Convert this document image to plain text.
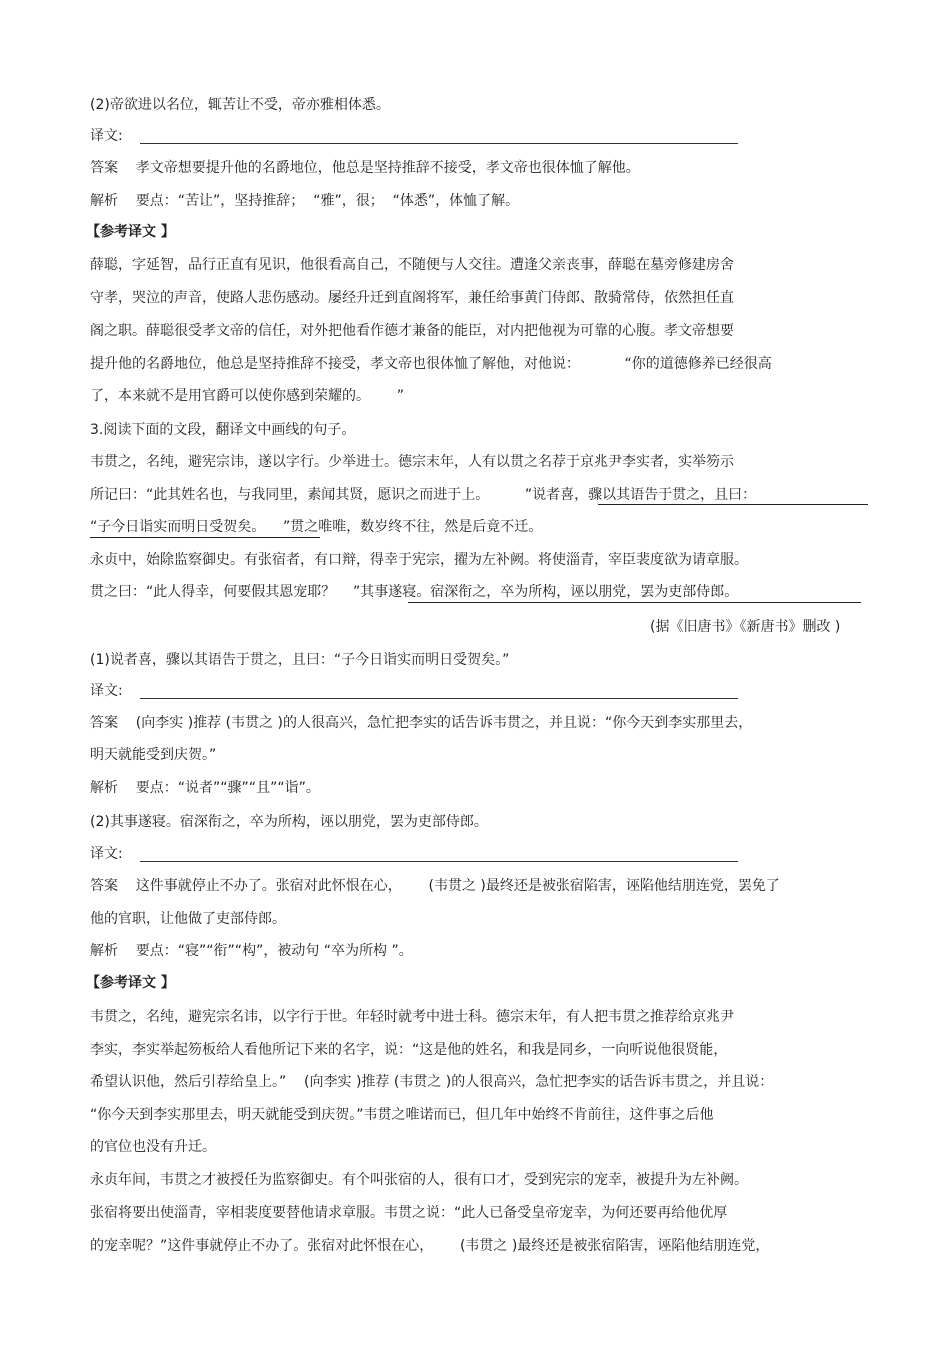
(2)帝欲进以名位，辄苦让不受，帝亦雅相体悉。
译文:
答案    孝文帝想要提升他的名爵地位，他总是坚持推辞不接受，孝文帝也很体恤了解他。
解析    要点：“苦让”，坚持推辞；  “雅”，很；  “体悉”，体恤了解。
【参考译文 】
薛聪，字延智，品行正直有见识，他很看高自己，不随便与人交往。遭逢父亲丧事，薛聪在墓旁修建房舍
守孝，哭泣的声音，使路人悲伤感动。屡经升迁到直阁将军，兼任给事黄门侍郎、散骑常侍，依然担任直
阁之职。薛聪很受孝文帝的信任，对外把他看作德才兼备的能臣，对内把他视为可靠的心腹。孝文帝想要
提升他的名爵地位，他总是坚持推辞不接受，孝文帝也很体恤了解他，对他说：          “你的道德修养已经很高
了，本来就不是用官爵可以使你感到荣耀的。      ”
3.阅读下面的文段，翻译文中画线的句子。
韦贯之，名纯，避宪宗讳，遂以字行。少举进士。德宗末年，人有以贯之名荐于京兆尹李实者，实举笏示
所记曰：“此其姓名也，与我同里，素闻其贤，愿识之而进于上。        ”说者喜，骤以其语告于贯之，且曰：
“子今日诣实而明日受贺矣。    ”贯之唯唯，数岁终不往，然是后竟不迁。
永贞中，始除监察御史。有张宿者，有口辩，得幸于宪宗，擢为左补阙。将使淄青，宰臣裴度欲为请章服。
贯之曰：“此人得幸，何要假其恩宠耶？    ”其事遂寝。宿深衔之，卒为所构，诬以朋党，罢为吏部侍郎。
(据《旧唐书》《新唐书》删改 )
(1)说者喜，骤以其语告于贯之，且曰：“子今日诣实而明日受贺矣。”
译文:
答案    (向李实 )推荐 (韦贯之 )的人很高兴，急忙把李实的话告诉韦贯之，并且说：“你今天到李实那里去，
明天就能受到庆贺。”
解析    要点：“说者”“骤”“且”“诣”。
(2)其事遂寝。宿深衔之，卒为所构，诬以朋党，罢为吏部侍郎。
译文:
答案    这件事就停止不办了。张宿对此怀恨在心，      (韦贯之 )最终还是被张宿陷害，诬陷他结朋连党，罢免了
他的官职，让他做了吏部侍郎。
解析    要点：“寝”“衔”“构”，被动句 “卒为所构 ”。
【参考译文 】
韦贯之，名纯，避宪宗名讳，以字行于世。年轻时就考中进士科。德宗末年，有人把韦贯之推荐给京兆尹
李实，李实举起笏板给人看他所记下来的名字，说：“这是他的姓名，和我是同乡，一向听说他很贤能，
希望认识他，然后引荐给皇上。”    (向李实 )推荐 (韦贯之 )的人很高兴，急忙把李实的话告诉韦贯之，并且说：
“你今天到李实那里去，明天就能受到庆贺。”韦贯之唯诺而已，但几年中始终不肯前往，这件事之后他
的官位也没有升迁。
永贞年间，韦贯之才被授任为监察御史。有个叫张宿的人，很有口才，受到宪宗的宠幸，被提升为左补阙。
张宿将要出使淄青，宰相裴度要替他请求章服。韦贯之说：“此人已备受皇帝宠幸，为何还要再给他优厚
的宠幸呢？”这件事就停止不办了。张宿对此怀恨在心，      (韦贯之 )最终还是被张宿陷害，诬陷他结朋连党，
